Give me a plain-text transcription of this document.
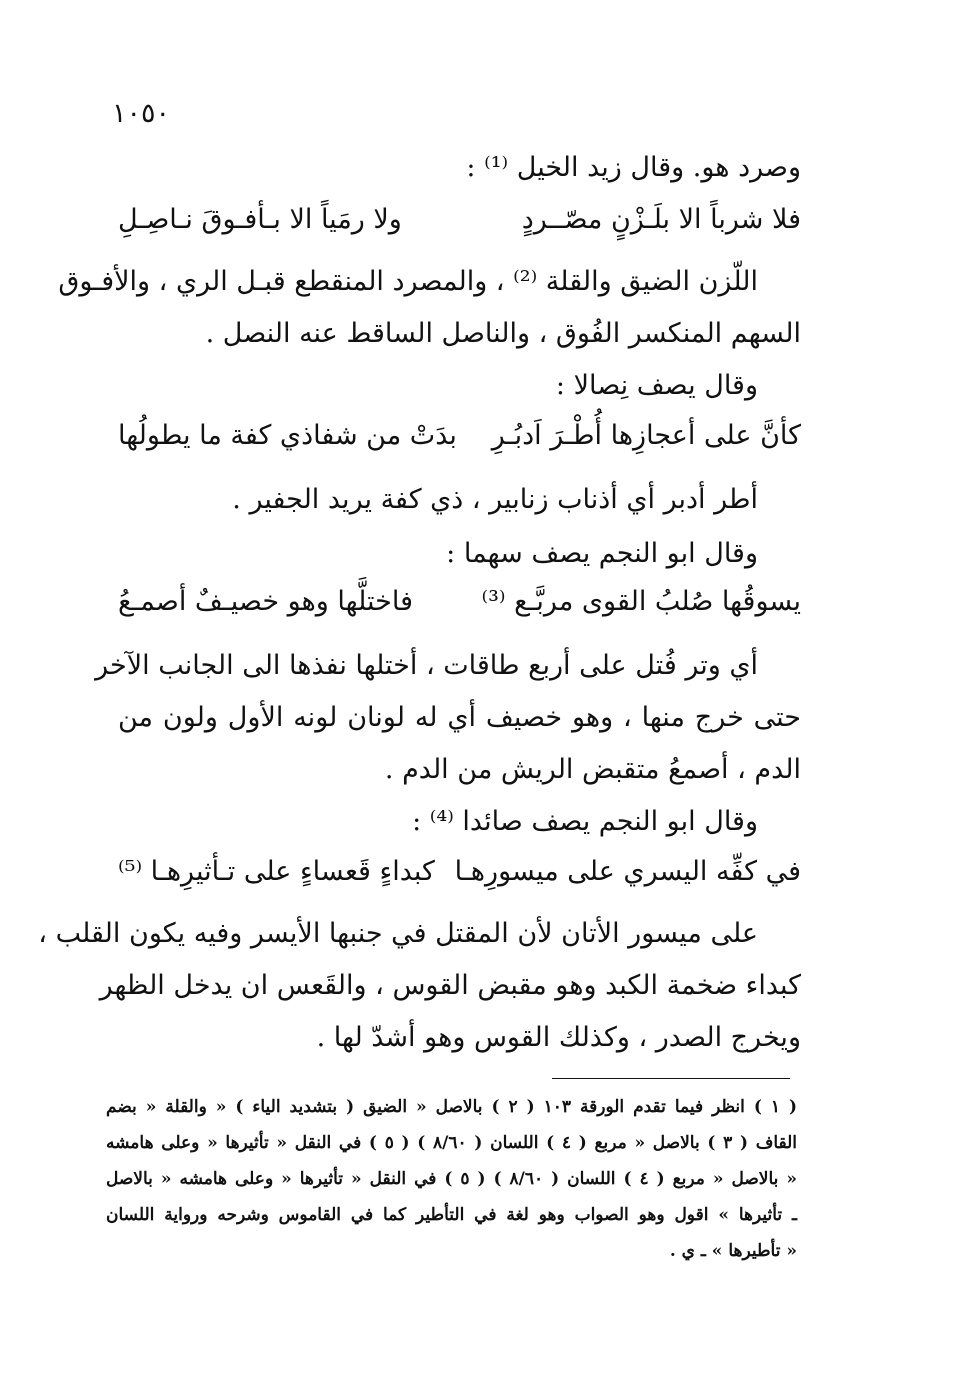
١٠٥٠
وصرد هو. وقال زيد الخيل ⁽¹⁾ :
فلا شرباً الا بلَـزْنٍ مصّــردٍ
ولا رمَياً الا بـأفـوقَ نـاصِـلِ
اللّزن الضيق والقلة ⁽²⁾ ، والمصرد المنقطع قبـل الري ، والأفـوق
السهم المنكسر الفُوق ، والناصل الساقط عنه النصل .
وقال يصف نِصالا :
كأنَّ على أعجازِها أُطْـرَ اَدبُـرِ
بدَتْ من شفاذي كفة ما يطولُها
أطر أدبر أي أذناب زنابير ، ذي كفة يريد الجفير .
وقال ابو النجم يصف سهما :
يسوقُها صُلبُ القوى مربَّـع ⁽³⁾
فاختلَّها وهو خصيـفٌ أصمـعُ
أي وتر فُتل على أربع طاقات ، أختلها نفذها الى الجانب الآخر
حتى خرج منها ، وهو خصيف أي له لونان لونه الأول ولون من
الدم ، أصمعُ متقبض الريش من الدم .
وقال ابو النجم يصف صائدا ⁽⁴⁾ :
في كفِّه اليسري على ميسورِهـا
كبداءٍ قَعساءٍ على تـأثيرِهـا ⁽⁵⁾
على ميسور الأتان لأن المقتل في جنبها الأيسر وفيه يكون القلب ،
كبداء ضخمة الكبد وهو مقبض القوس ، والقَعس ان يدخل الظهر
ويخرج الصدر ، وكذلك القوس وهو أشدّ لها .
( ١ ) انظر فيما تقدم الورقة ١٠٣ ( ٢ ) بالاصل « الضيق ( بتشديد الياء ) « والقلة « بضم
القاف ( ٣ ) بالاصل « مربع ( ٤ ) اللسان ( ٨/٦٠ ) ( ٥ ) في النقل « تأثيرها « وعلى هامشه
« بالاصل « مربع ( ٤ ) اللسان ( ٨/٦٠ ) ( ٥ ) في النقل « تأثيرها « وعلى هامشه « بالاصل
ـ تأثيرها » اقول وهو الصواب وهو لغة في التأطير كما في القاموس وشرحه ورواية اللسان
« تأطيرها » ـ ي .
